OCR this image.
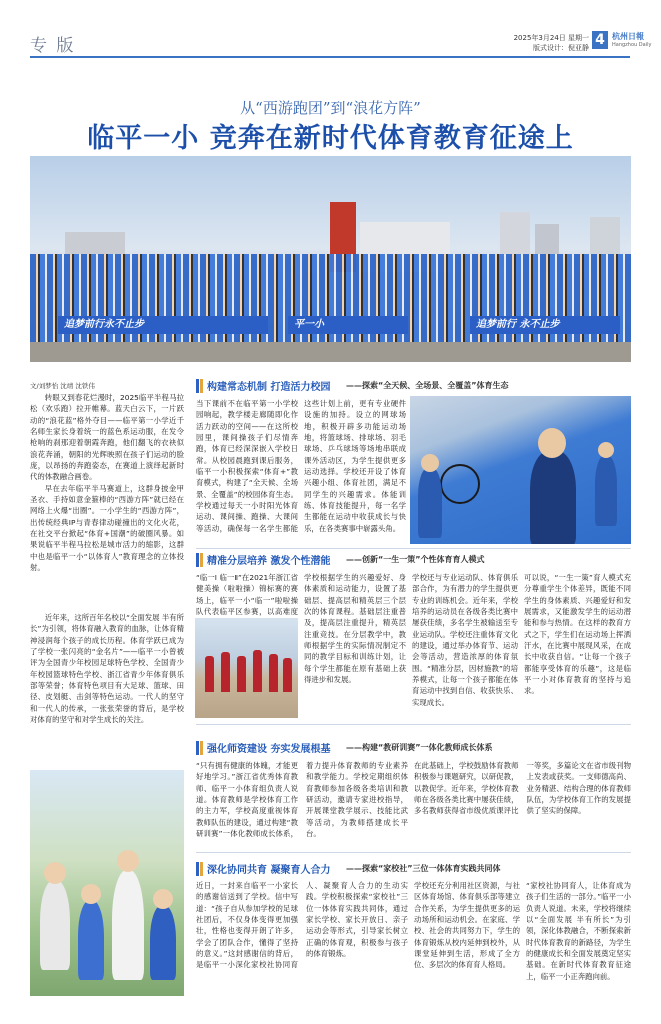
专 版	2025年3月24日 星期一
版式设计：倪亚静 4 杭州日報
Hangzhou Daily
从“西游跑团”到“浪花方阵”
临平一小 竞奔在新时代体育教育征途上
追梦前行永不止步	平一小	追梦前行 永不止步
文/刘梦怡 沈靖 沈铁伟

转眼又到春花烂漫时，2025临平半程马拉松（欢乐跑）拉开帷幕。蓝天白云下，一片跃动的“浪花蓝”格外夺目——临平第一小学近千名师生家长身着统一的蓝色系运动服，在发令枪响的刹那迎着朝霞奔跑，他们翻飞的衣袂似浪花奔涌，朝阳的光辉映照在孩子们运动的脸庞，以昂扬的奔跑姿态，在赛道上演绎起新时代的体教融合画卷。

早在去年临平半马赛道上，这群身披金甲圣衣、手持如意金箍棒的“西游方阵”就已经在网络上火爆“出圈”。一小学生的“西游方阵”，出传统经典IP与青春律动碰撞出的文化火花，在社交平台掀起“体育+国潮”的破圈风暴。如果说临平半程马拉松是城市活力的缩影，这群中也是临平一小“以体育人”教育理念的立体投射。

近年来，这所百年名校以“全面发展 半有所长”为引领，将体育融入教育的血脉，让体育精神浸润每个孩子的成长历程。体育学跃已成为了学校一张闪亮的“金名片”——临平一小曾被评为全国青少年校园足球特色学校、全国青少年校园篮球特色学校、浙江省青少年体育俱乐部等荣誉；体育特色项目有大足球、篮球、田径、皮划艇、击剑等特色运动。一代人的坚守和一代人的传承，一张张荣誉的背后，是学校对体育的坚守和对学生成长的关注。

构建常态机制 打造活力校园 ——探索“全天候、全场景、全覆盖”体育生态
当下课前不在临平第一小学校园响起，教学楼走廊随即化作活力跃动的空间——在这所校园里，课间操孩子们尽情奔跑，体育已经深深嵌入学校日常。从校园晨跑到课后服务，临平一小积极探索“体育+”教育模式，构建了“全天候、全场景、全覆盖”的校园体育生态。学校通过每天一小时阳光体育运动、课间操、跑操、大课间等活动，确保每一名学生都能
这些计划上前，更有专业硬件设施的加持。设立的网球场地，积极开辟多功能运动场地，将篮球场、排球场、羽毛球场、乒乓球场等场地串联成课外活动区，为学生提供更多运动选择。学校还开设了体育兴趣小组、体育社团，满足不同学生的兴趣需求。体能训练、体育技能提升，每一名学生都能在运动中收获成长与快乐，在各类赛事中崭露头角。
精准分层培养 激发个性潜能 ——创新“一生一策”个性体育育人模式
“临一Ⅰ 临一Ⅱ”在2021年浙江省健美操（啦啦操）锦标赛的赛场上，临平一小“临一”啦啦操队代表临平区参赛，以高难度
学校根据学生的兴趣爱好、身体素质和运动能力，设置了基础层、提高层和精英层三个层次的体育课程。基础层注重普及，提高层注重提升，精英层注重竞技。在分层教学中，教师根据学生的实际情况制定不同的教学目标和训练计划，让每个学生都能在原有基础上获得进步和发展。
学校还与专业运动队、体育俱乐部合作，为有潜力的学生提供更专业的训练机会。近年来，学校培养的运动员在各级各类比赛中屡获佳绩，多名学生被输送至专业运动队。学校还注重体育文化的建设，通过举办体育节、运动会等活动，营造浓厚的体育氛围。“精准分层，因材施教”的培养模式，让每一个孩子都能在体育运动中找到自信、收获快乐、实现成长。
可以说，“一生一策”育人模式充分尊重学生个体差异，既能不同学生的身体素质、兴趣爱好和发展需求，又能激发学生的运动潜能和参与热情。在这样的教育方式之下，学生们在运动场上挥洒汗水，在比赛中展现风采，在成长中收获自信。“让每一个孩子都能享受体育的乐趣”，这是临平一小对体育教育的坚持与追求。
强化师资建设 夯实发展根基 ——构建“教研训赛”一体化教师成长体系
“只有拥有健康的体魄，才能更好地学习。”浙江省优秀体育教师、临平一小体育组负责人说道。体育教师是学校体育工作的主力军，学校高度重视体育教师队伍的建设，通过构建“教研训赛”一体化教师成长体系，着力提升体育教师的专业素养和教学能力。学校定期组织体育教师参加各级各类培训和教研活动，邀请专家进校指导，开展课堂教学展示、技能比武等活动，为教师搭建成长平台。
在此基础上，学校鼓励体育教师积极参与课题研究，以研促教，以教促学。近年来，学校体育教师在各级各类比赛中屡获佳绩，多名教师获得省市级优质课评比一等奖，多篇论文在省市级刊物上发表或获奖。一支师德高尚、业务精湛、结构合理的体育教师队伍，为学校体育工作的发展提供了坚实的保障。
深化协同共育 凝聚育人合力 ——探索“家校社”三位一体体育实践共同体
近日，一封来自临平一小家长的感谢信送到了学校。信中写道：“孩子自从参加学校的足球社团后，不仅身体变得更加强壮，性格也变得开朗了许多，学会了团队合作，懂得了坚持的意义。”这封感谢信的背后，是临平一小深化家校社协同育人、凝聚育人合力的生动实践。学校积极探索“家校社”三位一体体育实践共同体，通过家长学校、家长开放日、亲子运动会等形式，引导家长树立正确的体育观，积极参与孩子的体育锻炼。
学校还充分利用社区资源，与社区体育场馆、体育俱乐部等建立合作关系，为学生提供更多的运动场所和运动机会。在家庭、学校、社会的共同努力下，学生的体育锻炼从校内延伸到校外，从课堂延伸到生活，形成了全方位、多层次的体育育人格局。
“家校社协同育人，让体育成为孩子们生活的一部分。”临平一小负责人说道。未来，学校将继续以“全面发展 半有所长”为引领，深化体教融合，不断探索新时代体育教育的新路径，为学生的健康成长和全面发展奠定坚实基础。在新时代体育教育征途上，临平一小正奔跑向前。
